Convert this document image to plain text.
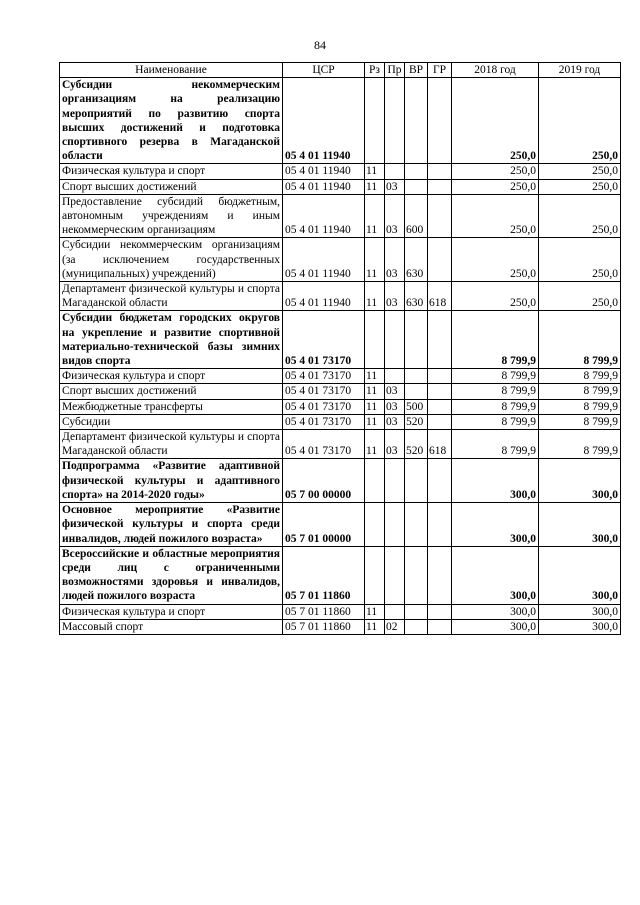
84
Наименование	ЦСР	Рз	Пр	ВР	ГР	2018 год	2019 год
Субсидии некоммерческим организациям на реализацию мероприятий по развитию спорта высших достижений и подготовка спортивного резерва в Магаданской области	05 4 01 11940					250,0	250,0
Физическая культура и спорт	05 4 01 11940	11				250,0	250,0
Спорт высших достижений	05 4 01 11940	11	03			250,0	250,0
Предоставление субсидий бюджетным, автономным учреждениям и иным некоммерческим организациям	05 4 01 11940	11	03	600		250,0	250,0
Субсидии некоммерческим организациям (за исключением государственных (муниципальных) учреждений)	05 4 01 11940	11	03	630		250,0	250,0
Департамент физической культуры и спорта Магаданской области	05 4 01 11940	11	03	630	618	250,0	250,0
Субсидии бюджетам городских округов на укрепление и развитие спортивной материально-технической базы зимних видов спорта	05 4 01 73170					8 799,9	8 799,9
Физическая культура и спорт	05 4 01 73170	11				8 799,9	8 799,9
Спорт высших достижений	05 4 01 73170	11	03			8 799,9	8 799,9
Межбюджетные трансферты	05 4 01 73170	11	03	500		8 799,9	8 799,9
Субсидии	05 4 01 73170	11	03	520		8 799,9	8 799,9
Департамент физической культуры и спорта Магаданской области	05 4 01 73170	11	03	520	618	8 799,9	8 799,9
Подпрограмма «Развитие адаптивной физической культуры и адаптивного спорта» на 2014-2020 годы»	05 7 00 00000					300,0	300,0
Основное мероприятие «Развитие физической культуры и спорта среди инвалидов, людей пожилого возраста»	05 7 01 00000					300,0	300,0
Всероссийские и областные мероприятия среди лиц с ограниченными возможностями здоровья и инвалидов, людей пожилого возраста	05 7 01 11860					300,0	300,0
Физическая культура и спорт	05 7 01 11860	11				300,0	300,0
Массовый спорт	05 7 01 11860	11	02			300,0	300,0
